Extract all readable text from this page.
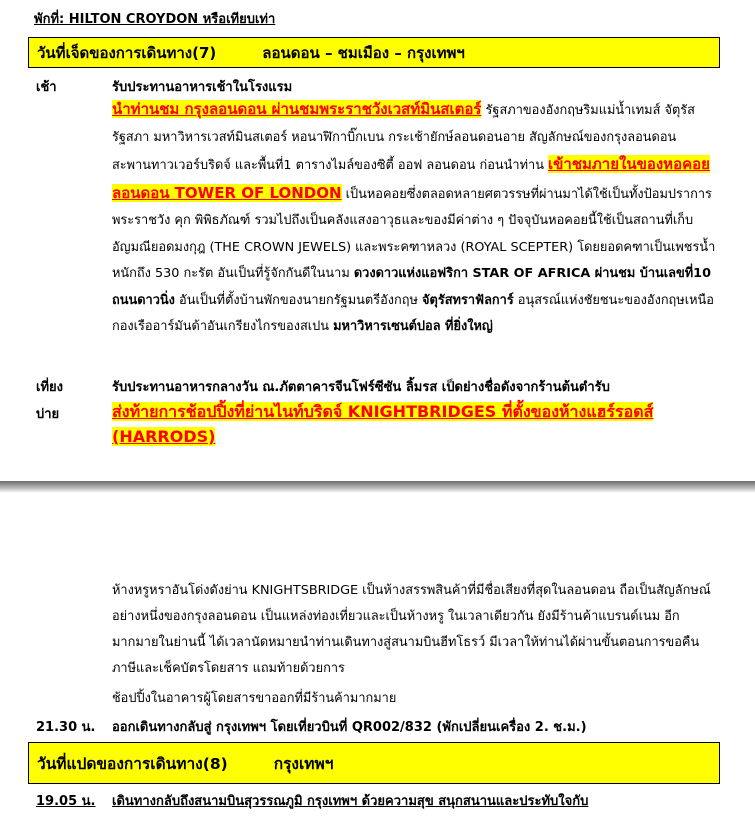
พักที่: HILTON CROYDON หรือเทียบเท่า
วันที่เจ็ดของการเดินทาง(7)	ลอนดอน – ชมเมือง – กรุงเทพฯ
เช้า	รับประทานอาหารเช้าในโรงแรม
นำท่านชม กรุงลอนดอน ผ่านชมพระราชวังเวสท์มินสเตอร์ รัฐสภาของอังกฤษริมแม่น้ำเทมส์ จัตุรัสรัฐสภา มหาวิหารเวสท์มินสเตอร์ หอนาฬิกาบิ๊กเบน กระเช้ายักษ์ลอนดอนอาย สัญลักษณ์ของกรุงลอนดอน สะพานทาวเวอร์บริดจ์ และพื้นที่1 ตารางไมล์ของซิตี้ ออฟ ลอนดอน ก่อนนำท่าน เข้าชมภายในของหอคอยลอนดอน TOWER OF LONDON เป็นหอคอยซึ่งตลอดหลายศตวรรษที่ผ่านมาได้ใช้เป็นทั้งป้อมปราการ พระราชวัง คุก พิพิธภัณฑ์ รวมไปถึงเป็นคลังแสงอาวุธและของมีค่าต่าง ๆ ปัจจุบันหอคอยนี้ใช้เป็นสถานที่เก็บอัญมณียอดมงกุฎ (THE CROWN JEWELS) และพระคฑาหลวง (ROYAL SCEPTER) โดยยอดคฑาเป็นเพชรน้ำหนักถึง 530 กะรัต อันเป็นที่รู้จักกันดีในนาม ดวงดาวแห่งแอฟริกา STAR OF AFRICA ผ่านชม บ้านเลขที่10 ถนนดาวนิ่ง อันเป็นที่ตั้งบ้านพักของนายกรัฐมนตรีอังกฤษ จัตุรัสทราฟัลการ์ อนุสรณ์แห่งชัยชนะของอังกฤษเหนือกองเรืออาร์มันด้าอันเกรียงไกรของสเปน มหาวิหารเซนต์ปอล ที่ยิ่งใหญ่
เที่ยง	รับประทานอาหารกลางวัน ณ.ภัตตาคารจีนโฟร์ซีซัน ลิ้มรส เป็ดย่างชื่อดังจากร้านต้นตำรับ
บ่าย	ส่งท้ายการช้อปปิ้งที่ย่านไนท์บริดจ์ KNIGHTBRIDGES ที่ตั้งของห้างแฮร์รอดส์ (HARRODS)
ห้างหรูหราอันโด่งดังย่าน KNIGHTSBRIDGE เป็นห้างสรรพสินค้าที่มีชื่อเสียงที่สุดในลอนดอน ถือเป็นสัญลักษณ์อย่างหนึ่งของกรุงลอนดอน เป็นแหล่งท่องเที่ยวและเป็นห้างหรู ในเวลาเดียวกัน ยังมีร้านค้าแบรนด์เนม อีกมากมายในย่านนี้ ได้เวลานัดหมายนำท่านเดินทางสู่สนามบินฮีทโธรว์ มีเวลาให้ท่านได้ผ่านขั้นตอนการขอคืนภาษีและเช็คบัตรโดยสาร แถมท้ายด้วยการ
ช้อปปิ้งในอาคารผู้โดยสารขาออกที่มีร้านค้ามากมาย
21.30 น. ออกเดินทางกลับสู่ กรุงเทพฯ โดยเที่ยวบินที่ QR002/832 (พักเปลี่ยนเครื่อง 2. ช.ม.)
วันที่แปดของการเดินทาง(8)	กรุงเทพฯ
19.05 น. เดินทางกลับถึงสนามบินสุวรรณภูมิ กรุงเทพฯ ด้วยความสุข สนุกสนานและประทับใจกับ
